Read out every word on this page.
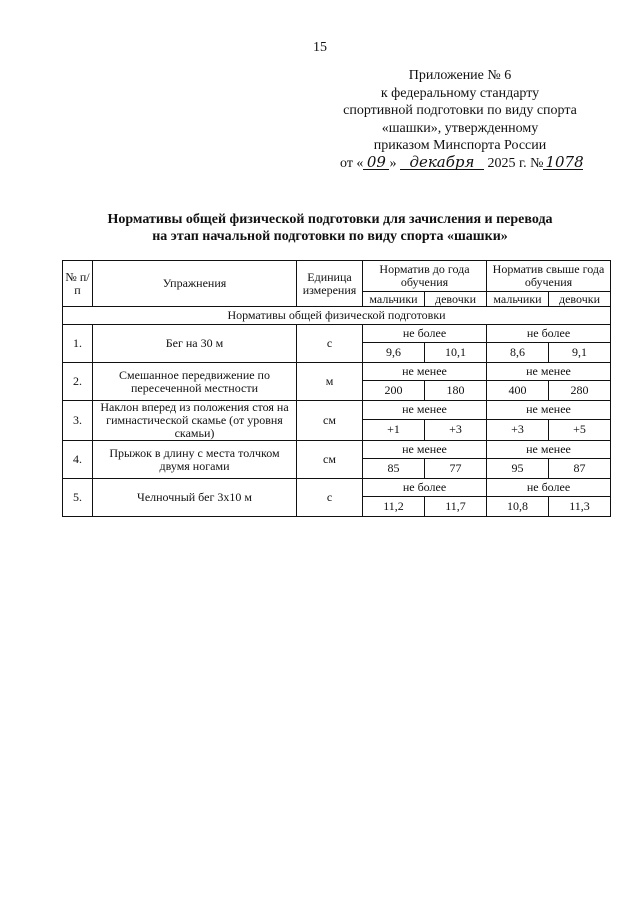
15
Приложение № 6
к федеральному стандарту
спортивной подготовки по виду спорта
«шашки», утвержденному
приказом Минспорта России
от « 09 » декабря 2025 г. № 1078
Нормативы общей физической подготовки для зачисления и перевода
на этап начальной подготовки по виду спорта «шашки»
№ п/п	Упражнения	Единица измерения	Норматив до года обучения		Норматив свыше года обучения	
			мальчики	девочки	мальчики	девочки
Нормативы общей физической подготовки						
1.	Бег на 30 м	с	не более		не более	
			9,6	10,1	8,6	9,1
2.	Смешанное передвижение по пересеченной местности	м	не менее		не менее	
			200	180	400	280
3.	Наклон вперед из положения стоя на гимнастической скамье (от уровня скамьи)	см	не менее		не менее	
			+1	+3	+3	+5
4.	Прыжок в длину с места толчком двумя ногами	см	не менее		не менее	
			85	77	95	87
5.	Челночный бег 3x10 м	с	не более		не более	
			11,2	11,7	10,8	11,3
